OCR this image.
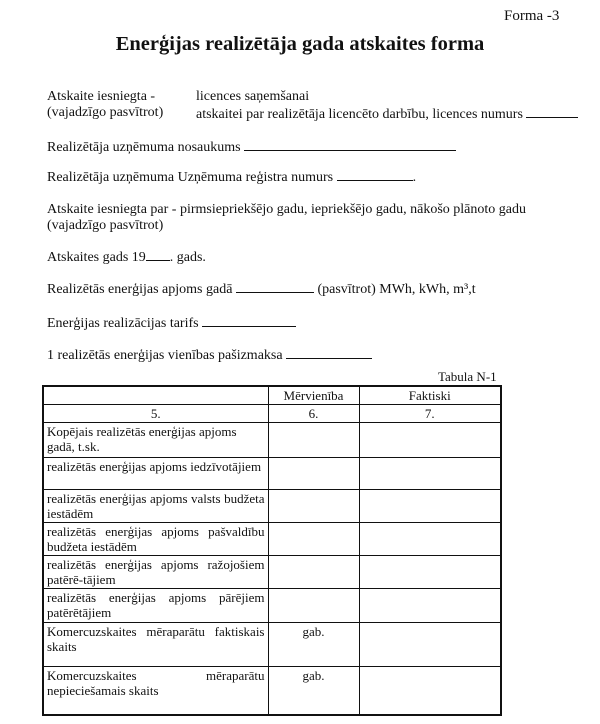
Forma -3
Enerģijas realizētāja gada atskaites forma
Atskaite iesniegta -
(vajadzīgo pasvītrot)
licences saņemšanai
atskaitei par realizētāja licencēto darbību, licences numurs
Realizētāja uzņēmuma nosaukums
Realizētāja uzņēmuma Uzņēmuma reģistra numurs	.
Atskaite iesniegta par - pirmsiepriekšējo gadu, iepriekšējo gadu, nākošo plānoto gadu
(vajadzīgo pasvītrot)
Atskaites gads 19 . gads.
Realizētās enerģijas apjoms gadā	(pasvītrot) MWh, kWh, m³,t
Enerģijas realizācijas tarifs
1 realizētās enerģijas vienības pašizmaksa
Tabula N-1
	Mērvienība	Faktiski
5.	6.	7.
Kopējais realizētās enerģijas apjoms gadā, t.sk.		
realizētās enerģijas apjoms iedzīvotājiem		
realizētās enerģijas apjoms valsts budžeta iestādēm		
realizētās enerģijas apjoms pašvaldību budžeta iestādēm		
realizētās enerģijas apjoms ražojošiem patērē-tājiem		
realizētās enerģijas apjoms pārējiem patērētājiem		
Komercuzskaites mēraparātu faktiskais skaits	gab.	
Komercuzskaites mēraparātu nepieciešamais skaits	gab.	
